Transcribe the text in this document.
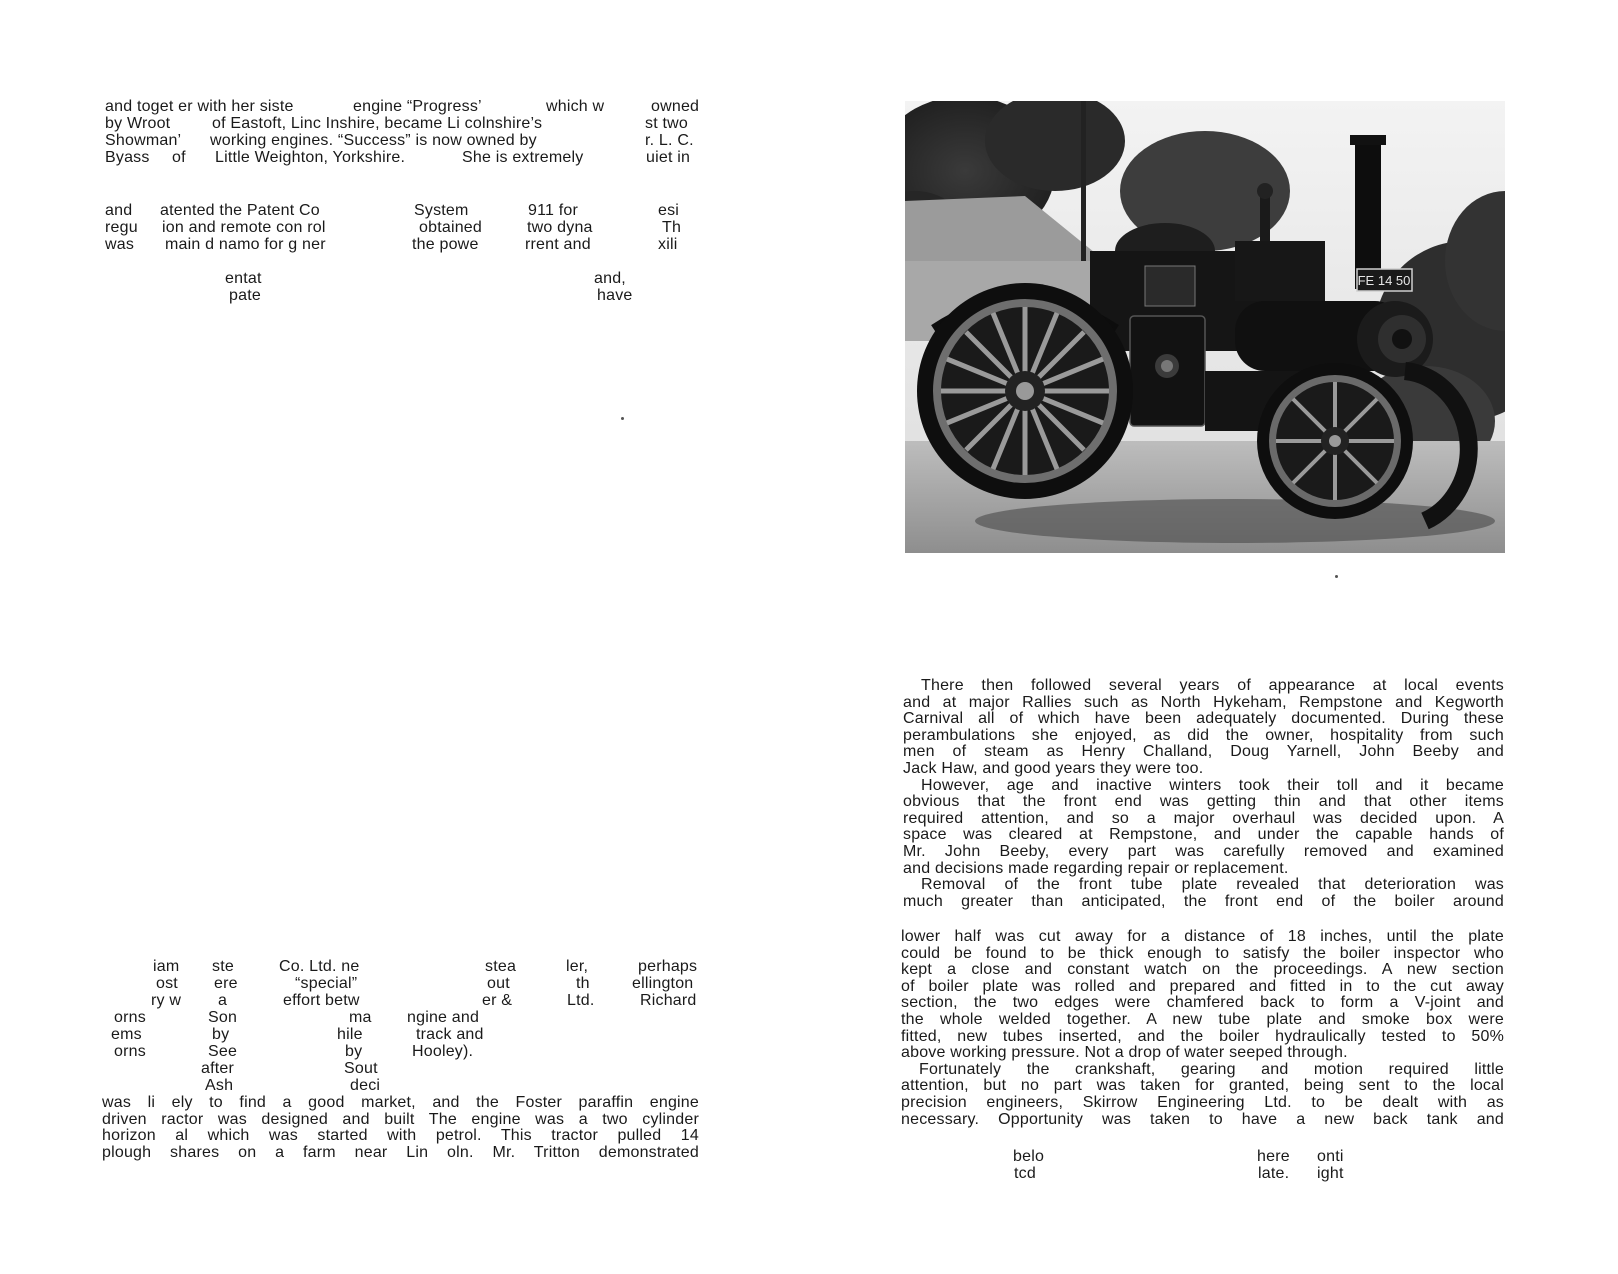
and toget er with her siste	engine “Progress’	which w	owned
by Wroot	of Eastoft, Linc Inshire, became Li colnshire’s	st two
Showman’ working engines. “Success” is now owned by	r. L. C.
Byass of Little Weighton, Yorkshire.	She is extremely	uiet in
and atented the Patent Co	System	911 for	esi
regu ion and remote con rol	obtained	two dyna	Th
was main d namo for g ner	the powe	rrent and	xili
entat	and,
pate	have
iam ste	Co. Ltd. ne	stea	ler,	perhaps
ost ere	“special”	out	th	ellington
ry w a	effort betw	er &	Ltd.	Richard
orns	Son	ma ngine and
ems	by	hile	track and
orns	See	by	Hooley).
after	Sout
Ash	deci
was li ely to find a good market, and the Foster paraffin engine
driven ractor was designed and built The engine was a two cylinder
horizon al which was started with petrol. This tractor pulled 14
plough shares on a farm near Lin oln. Mr. Tritton demonstrated
FE 14 50
There then followed several years of appearance at local events
and at major Rallies such as North Hykeham, Rempstone and Kegworth
Carnival all of which have been adequately documented. During these
perambulations she enjoyed, as did the owner, hospitality from such
men of steam as Henry Challand, Doug Yarnell, John Beeby and
Jack Haw, and good years they were too.
However, age and inactive winters took their toll and it became
obvious that the front end was getting thin and that other items
required attention, and so a major overhaul was decided upon. A
space was cleared at Rempstone, and under the capable hands of
Mr. John Beeby, every part was carefully removed and examined
and decisions made regarding repair or replacement.
Removal of the front tube plate revealed that deterioration was
much greater than anticipated, the front end of the boiler around
lower half was cut away for a distance of 18 inches, until the plate
could be found to be thick enough to satisfy the boiler inspector who
kept a close and constant watch on the proceedings. A new section
of boiler plate was rolled and prepared and fitted in to the cut away
section, the two edges were chamfered back to form a V-joint and
the whole welded together. A new tube plate and smoke box were
fitted, new tubes inserted, and the boiler hydraulically tested to 50%
above working pressure. Not a drop of water seeped through.
Fortunately the crankshaft, gearing and motion required little
attention, but no part was taken for granted, being sent to the local
precision engineers, Skirrow Engineering Ltd. to be dealt with as
necessary. Opportunity was taken to have a new back tank and
belo	here onti
tcd	late. ight
